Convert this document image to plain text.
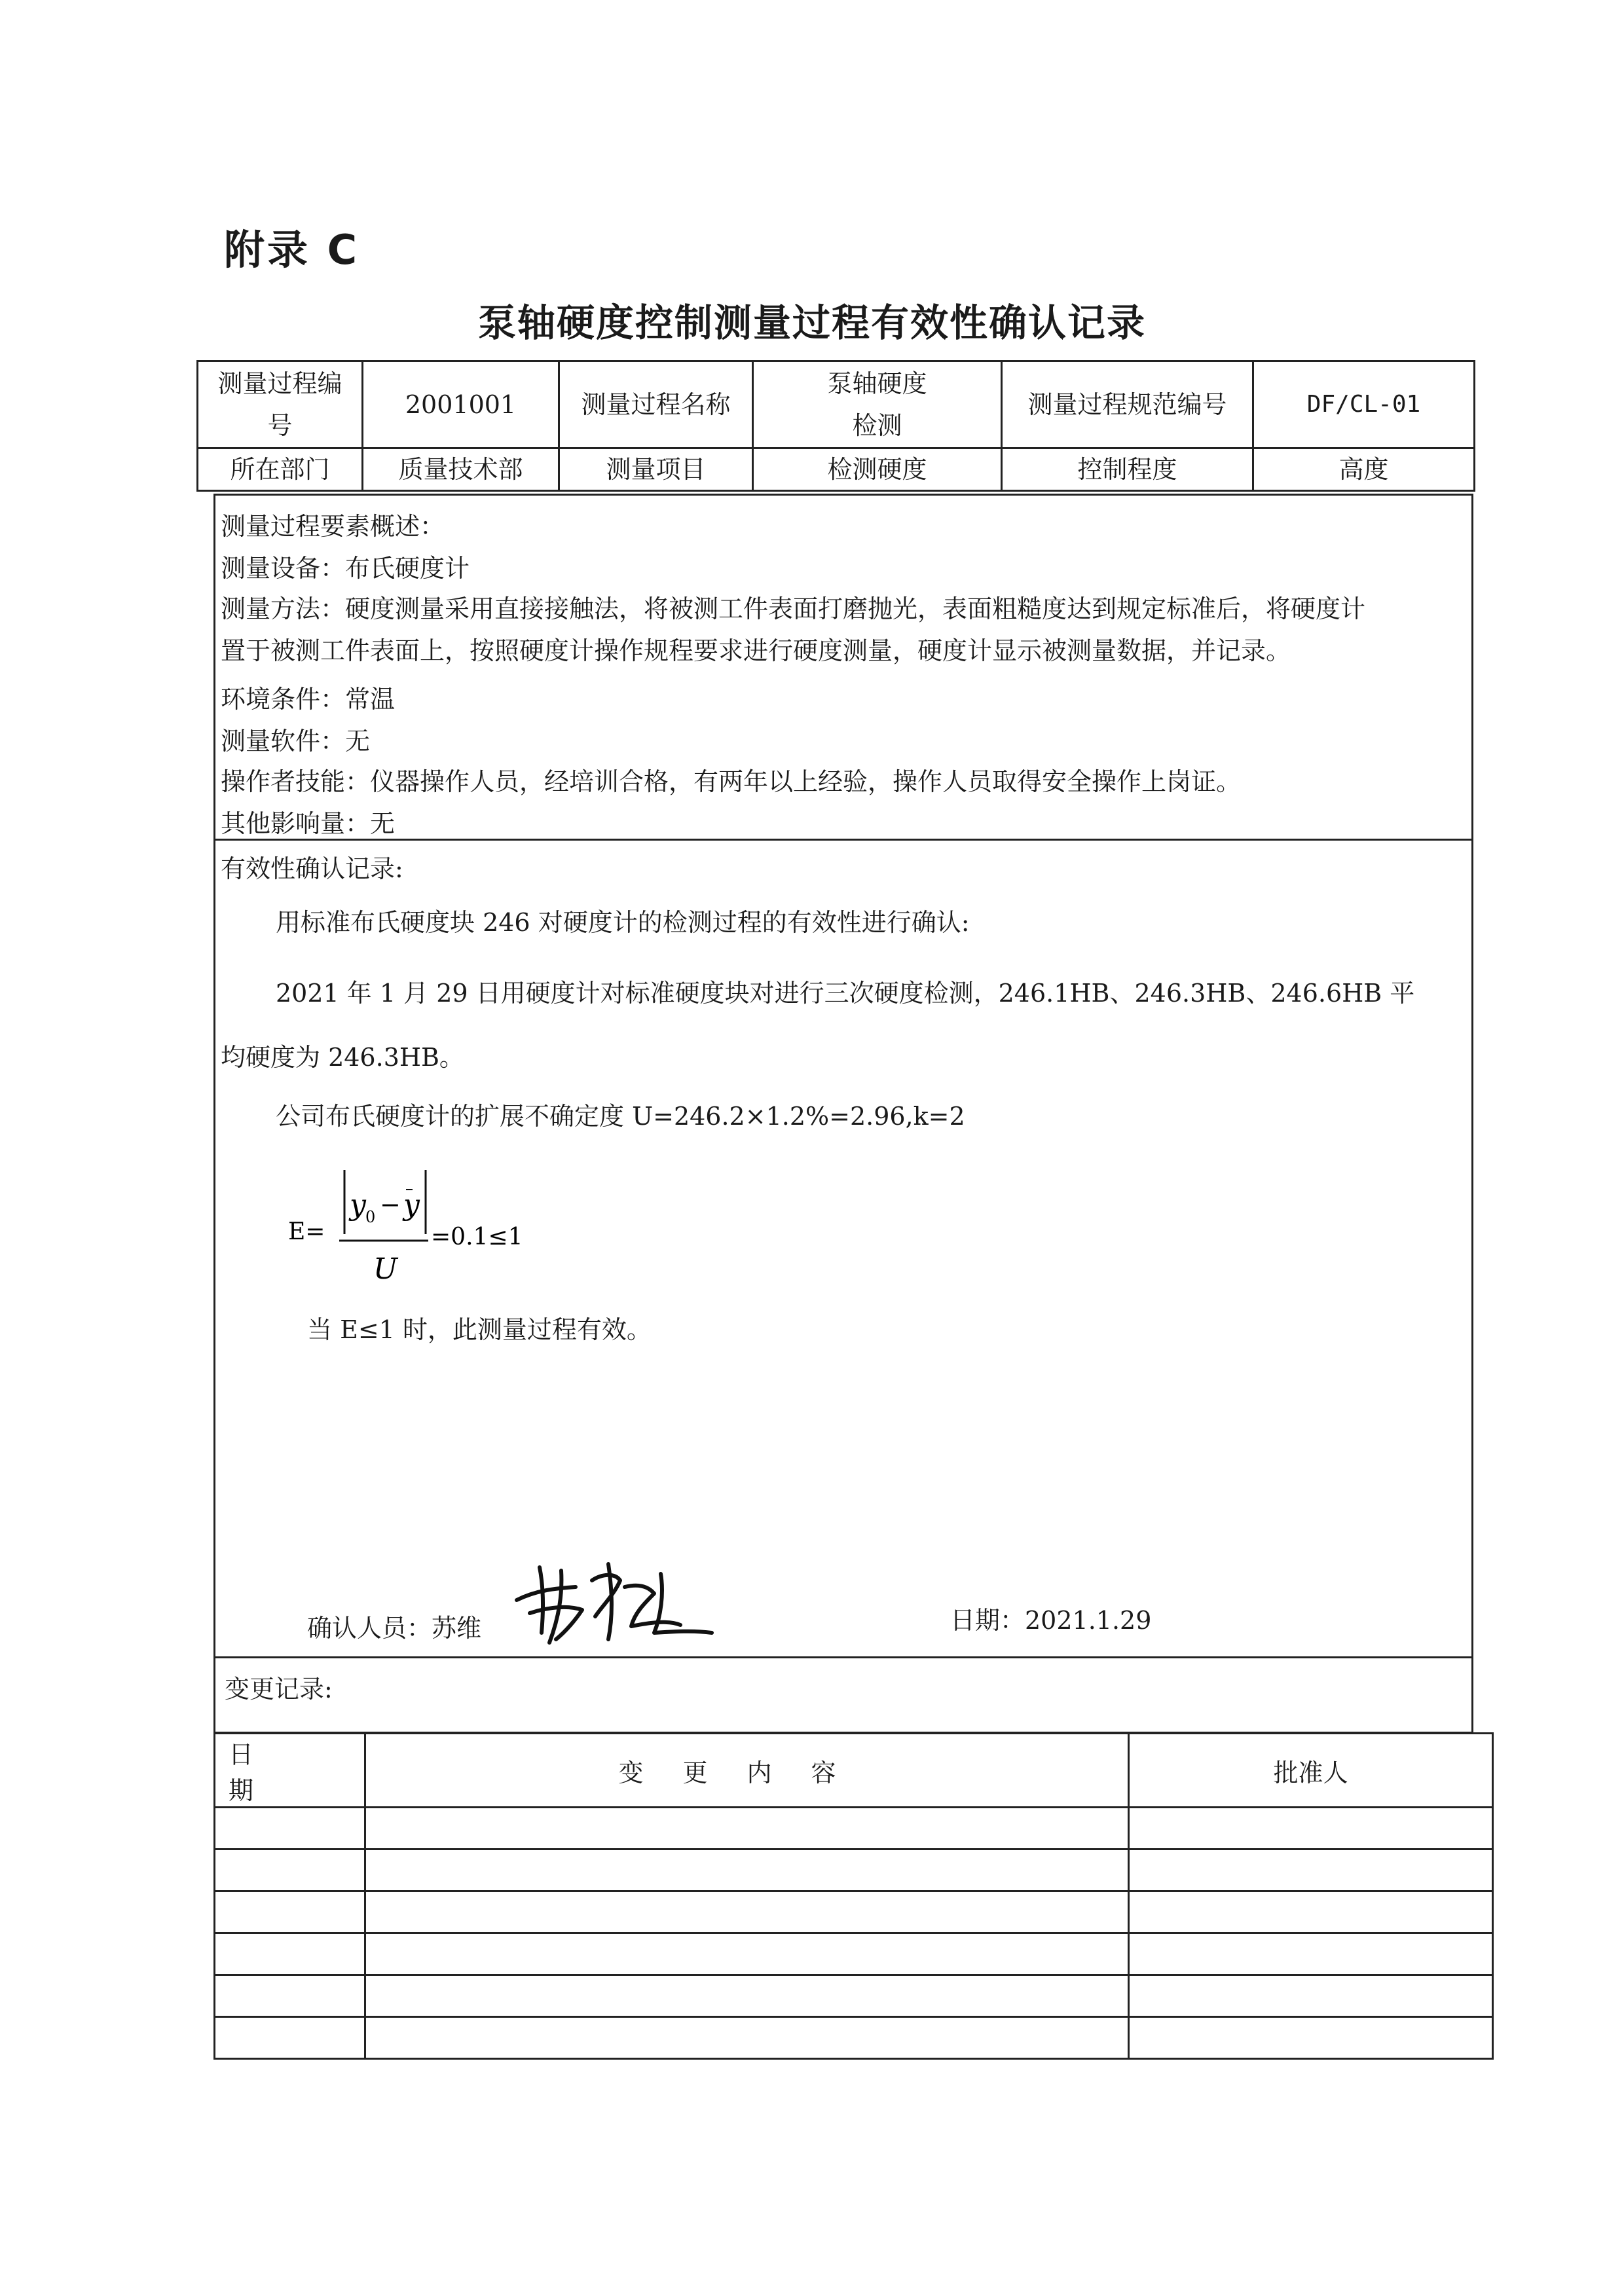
附录 C
泵轴硬度控制测量过程有效性确认记录
测量过程编号	2001001	测量过程名称	泵轴硬度检测	测量过程规范编号	DF/CL-01
所在部门	质量技术部	测量项目	检测硬度	控制程度	高度
测量过程要素概述：
测量设备：布氏硬度计
测量方法：硬度测量采用直接接触法，将被测工件表面打磨抛光，表面粗糙度达到规定标准后，将硬度计
置于被测工件表面上，按照硬度计操作规程要求进行硬度测量，硬度计显示被测量数据，并记录。
环境条件：常温
测量软件：无
操作者技能：仪器操作人员，经培训合格，有两年以上经验，操作人员取得安全操作上岗证。
其他影响量：无
有效性确认记录:
用标准布氏硬度块 246 对硬度计的检测过程的有效性进行确认:
2021 年 1 月 29 日用硬度计对标准硬度块对进行三次硬度检测，246.1HB、246.3HB、246.6HB 平
均硬度为 246.3HB。
公司布氏硬度计的扩展不确定度 U=246.2×1.2%=2.96,k=2
当 E≤1 时，此测量过程有效。
确认人员：苏维	日期：2021.1.29
E=
y 0 − y
U
=0.1≤1
变更记录:
日 期	变更内容	批准人
